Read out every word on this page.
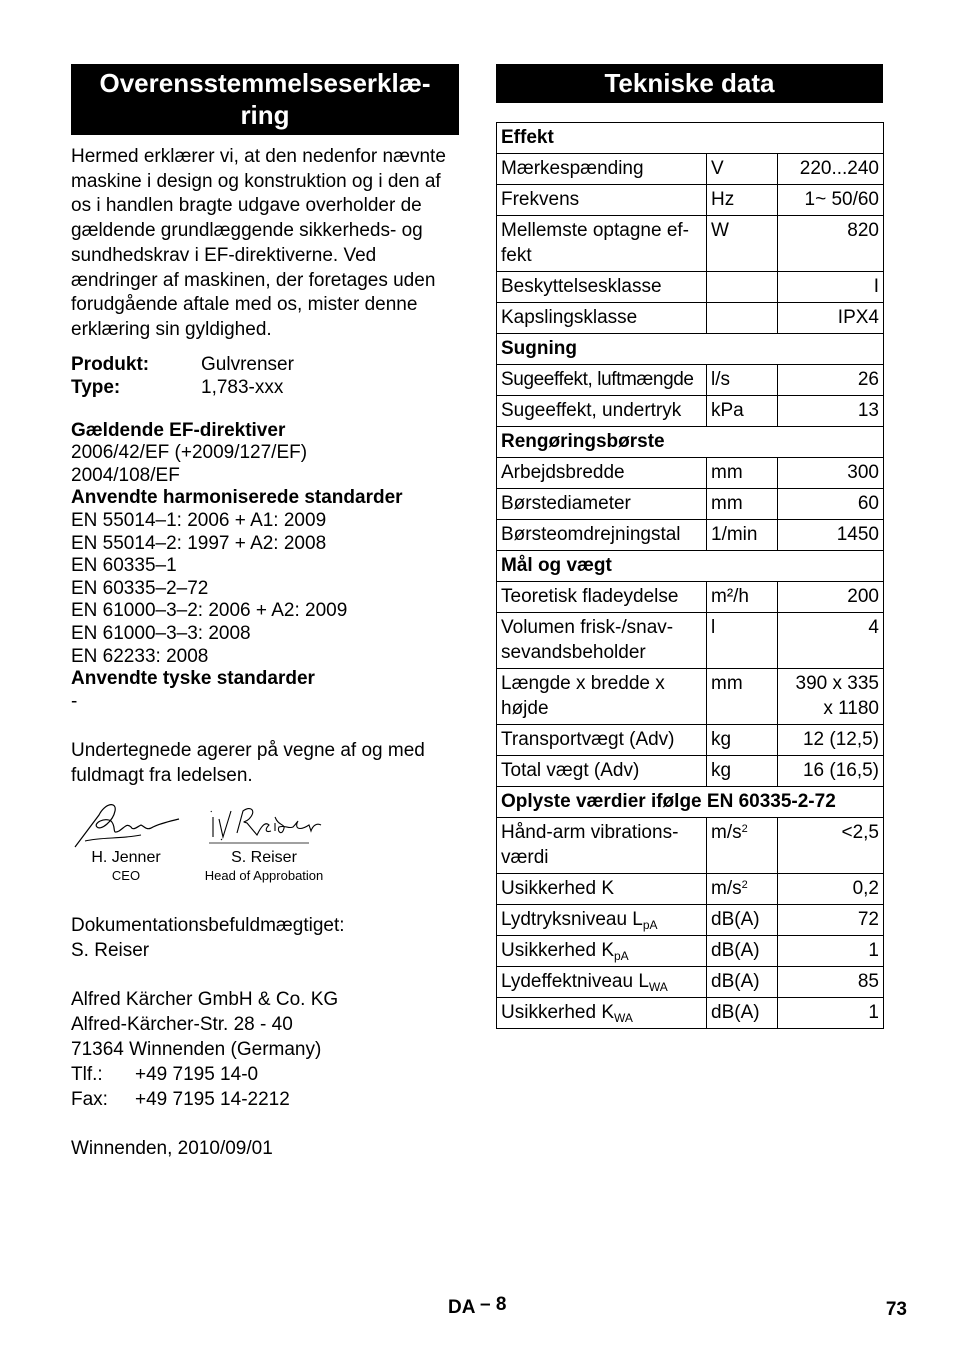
Overensstemmelseserklæ-ring
Hermed erklærer vi, at den nedenfor nævnte maskine i design og konstruktion og i den af os i handlen bragte udgave overholder de gældende grundlæggende sikkerheds- og sundhedskrav i EF-direktiverne. Ved ændringer af maskinen, der foretages uden forudgående aftale med os, mister denne erklæring sin gyldighed.
Produkt:	Gulvrenser
Type:	1,783-xxx
Gældende EF-direktiver
2006/42/EF (+2009/127/EF)
2004/108/EF
Anvendte harmoniserede standarder
EN 55014–1: 2006 + A1: 2009
EN 55014–2: 1997 + A2: 2008
EN 60335–1
EN 60335–2–72
EN 61000–3–2: 2006 + A2: 2009
EN 61000–3–3: 2008
EN 62233: 2008
Anvendte tyske standarder
-
Undertegnede agerer på vegne af og med fuldmagt fra ledelsen.
H. Jenner
CEO
S. Reiser
Head of Approbation
Dokumentationsbefuldmægtiget:
S. Reiser
Alfred Kärcher GmbH & Co. KG
Alfred-Kärcher-Str. 28 - 40
71364 Winnenden (Germany)
Tlf.:	+49 7195 14-0
Fax:	+49 7195 14-2212
Winnenden, 2010/09/01
Tekniske data
Effekt		
Mærkespænding	V	220...240
Frekvens	Hz	1~ 50/60
Mellemste optagne ef-fekt	W	820
Beskyttelsesklasse		I
Kapslingsklasse		IPX4
Sugning		
Sugeeffekt, luftmængde	l/s	26
Sugeeffekt, undertryk	kPa	13
Rengøringsbørste		
Arbejdsbredde	mm	300
Børstediameter	mm	60
Børsteomdrejningstal	1/min	1450
Mål og vægt		
Teoretisk fladeydelse	m²/h	200
Volumen frisk-/snav-sevandsbeholder	l	4
Længde x bredde x højde	mm	390 x 335 x 1180
Transportvægt (Adv)	kg	12 (12,5)
Total vægt (Adv)	kg	16 (16,5)
Oplyste værdier ifølge EN 60335-2-72		
Hånd-arm vibrations-værdi	$m/s^2$	<2,5
Usikkerhed K	$m/s^2$	0,2
Lydtryksniveau $L_{pA}$	dB(A)	72
Usikkerhed $K_{pA}$	dB(A)	1
Lydeffektniveau $L_{WA}$	dB(A)	85
Usikkerhed $K_{WA}$	dB(A)	1
DA – 8	73
